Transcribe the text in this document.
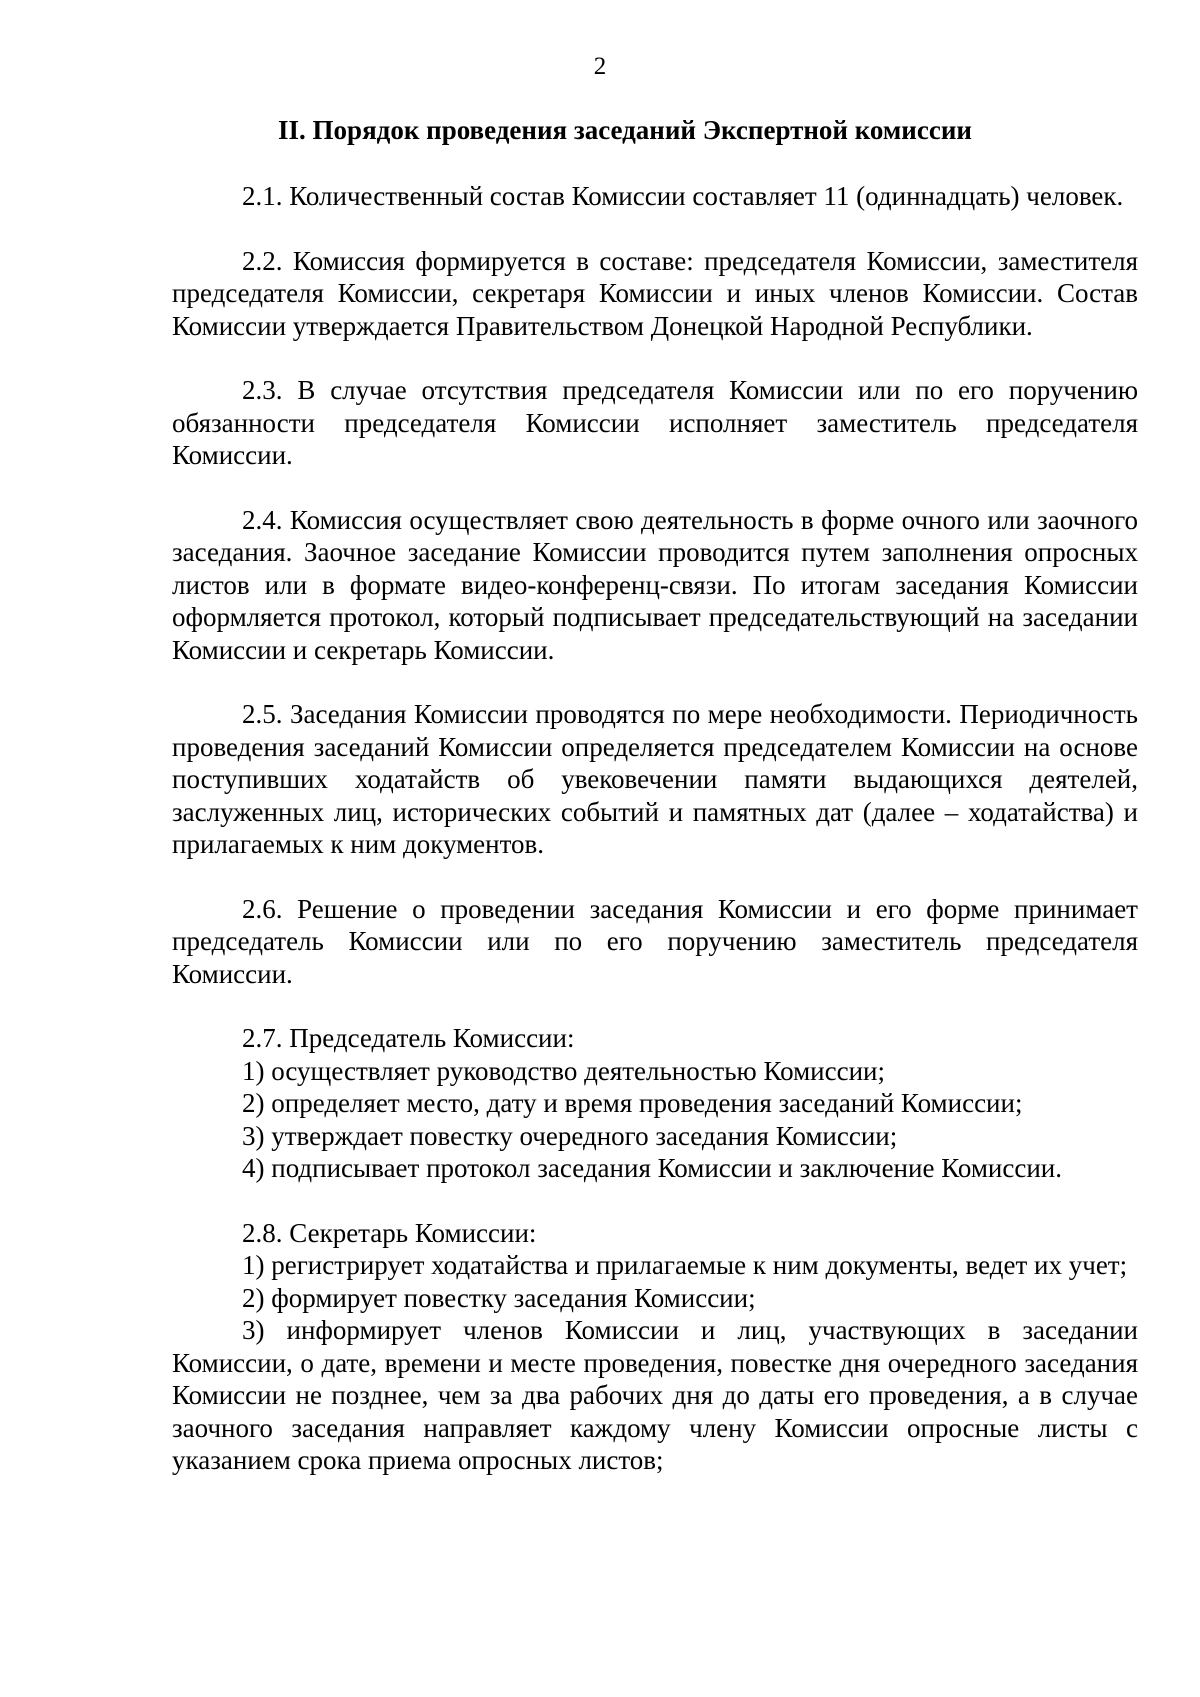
2
II. Порядок проведения заседаний Экспертной комиссии

2.1. Количественный состав Комиссии составляет 11 (одиннадцать) человек.

2.2. Комиссия формируется в составе: председателя Комиссии, заместителя председателя Комиссии, секретаря Комиссии и иных членов Комиссии. Состав Комиссии утверждается Правительством Донецкой Народной Республики.

2.3. В случае отсутствия председателя Комиссии или по его поручению обязанности председателя Комиссии исполняет заместитель председателя Комиссии.

2.4. Комиссия осуществляет свою деятельность в форме очного или заочного заседания. Заочное заседание Комиссии проводится путем заполнения опросных листов или в формате видео-конференц-связи. По итогам заседания Комиссии оформляется протокол, который подписывает председательствующий на заседании Комиссии и секретарь Комиссии.

2.5. Заседания Комиссии проводятся по мере необходимости. Периодичность проведения заседаний Комиссии определяется председателем Комиссии на основе поступивших ходатайств об увековечении памяти выдающихся деятелей, заслуженных лиц, исторических событий и памятных дат (далее – ходатайства) и прилагаемых к ним документов.

2.6. Решение о проведении заседания Комиссии и его форме принимает председатель Комиссии или по его поручению заместитель председателя Комиссии.

2.7. Председатель Комиссии:

1) осуществляет руководство деятельностью Комиссии;

2) определяет место, дату и время проведения заседаний Комиссии;

3) утверждает повестку очередного заседания Комиссии;

4) подписывает протокол заседания Комиссии и заключение Комиссии.

2.8. Секретарь Комиссии:

1) регистрирует ходатайства и прилагаемые к ним документы, ведет их учет;

2) формирует повестку заседания Комиссии;

3) информирует членов Комиссии и лиц, участвующих в заседании Комиссии, о дате, времени и месте проведения, повестке дня очередного заседания Комиссии не позднее, чем за два рабочих дня до даты его проведения, а в случае заочного заседания направляет каждому члену Комиссии опросные листы с указанием срока приема опросных листов;
